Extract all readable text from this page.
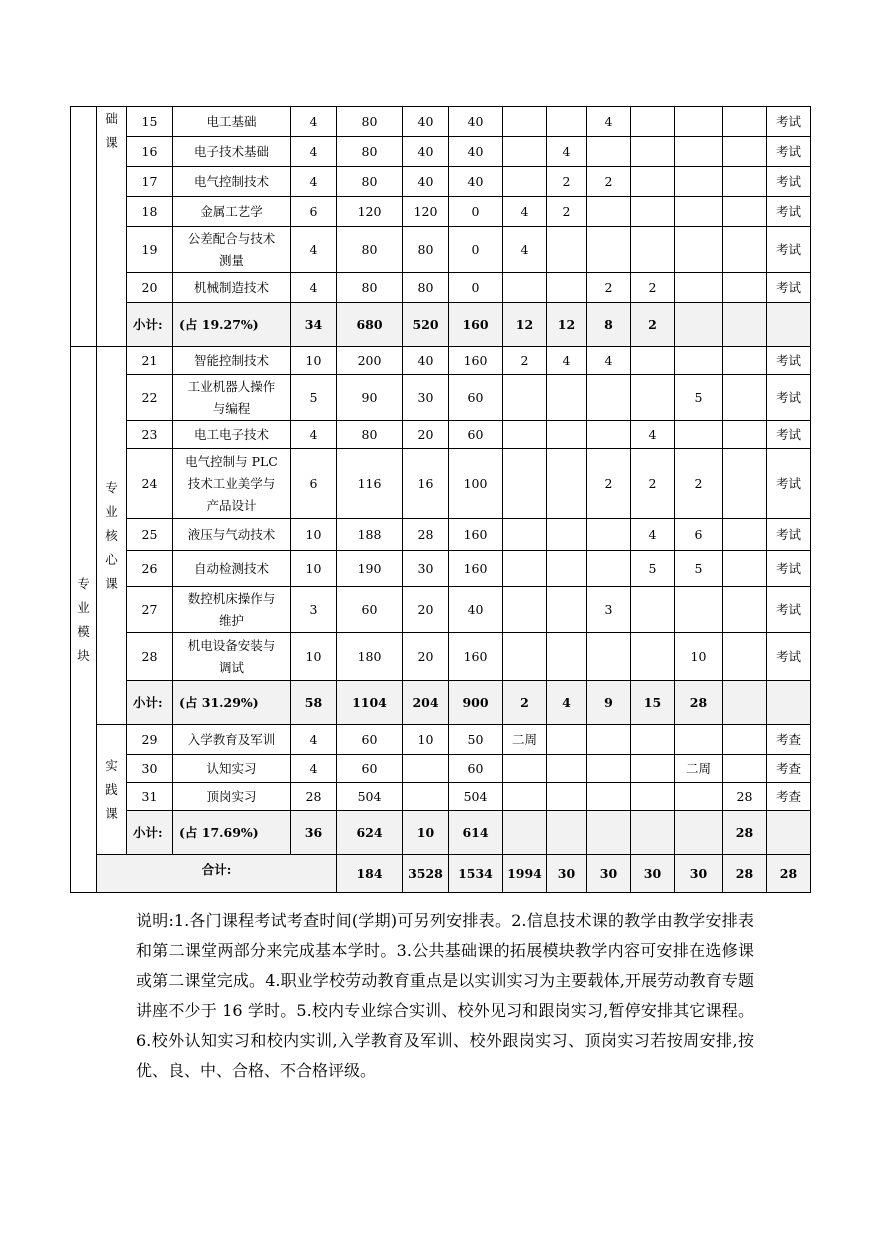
	础课	15	电工基础	4	80	40	40			4				考试	
		16	电子技术基础	4	80	40	40		4					考试	
		17	电气控制技术	4	80	40	40		2	2				考试	
		18	金属工艺学	6	120	120	0	4	2					考试	
		19	公差配合与技术测量	4	80	80	0	4						考试	
		20	机械制造技术	4	80	80	0			2	2			考试	
		小计:	(占 19.27%)	34	680	520	160	12	12	8	2				

专业模块	专业核心课	21	智能控制技术	10	200	40	160	2	4	4				考试	
		22	工业机器人操作与编程	5	90	30	60					5		考试	
		23	电工电子技术	4	80	20	60				4			考试	
		24	电气控制与 PLC 技术工业美学与产品设计	6	116	16	100			2	2	2		考试	
		25	液压与气动技术	10	188	28	160				4	6		考试	
		26	自动检测技术	10	190	30	160				5	5		考试	
		27	数控机床操作与维护	3	60	20	40			3				考试	
		28	机电设备安装与调试	10	180	20	160					10		考试	
		小计:	(占 31.29%)	58	1104	204	900	2	4	9	15	28			

	实践课	29	入学教育及军训	4	60	10	50	二周						考查	
		30	认知实习	4	60		60					二周		考查	
		31	顶岗实习	28	504		504						28	考查	
		小计:	(占 17.69%)	36	624	10	614						28		
	合计:				184	3528	1534	1994	30	30	30	30	28	28	
说明:1.各门课程考试考查时间(学期)可另列安排表。2.信息技术课的教学由教学安排表和第二课堂两部分来完成基本学时。3.公共基础课的拓展模块教学内容可安排在选修课或第二课堂完成。4.职业学校劳动教育重点是以实训实习为主要载体,开展劳动教育专题讲座不少于 16 学时。5.校内专业综合实训、校外见习和跟岗实习,暂停安排其它课程。6.校外认知实习和校内实训,入学教育及军训、校外跟岗实习、顶岗实习若按周安排,按优、良、中、合格、不合格评级。
